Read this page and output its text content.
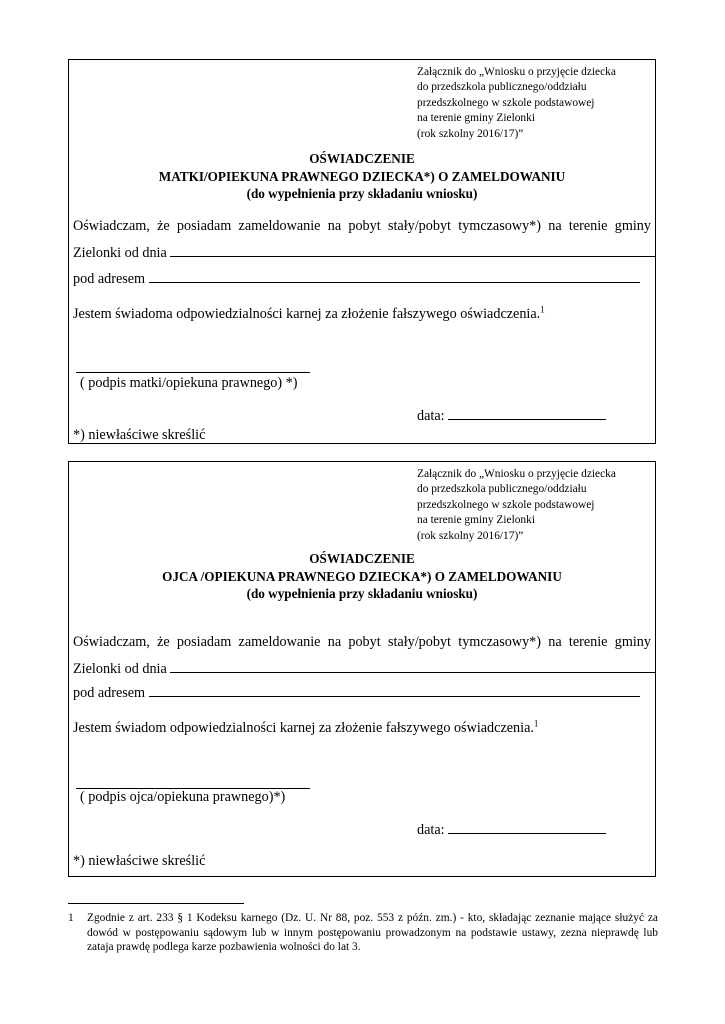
Załącznik do „Wniosku o przyjęcie dziecka
do przedszkola publicznego/oddziału
przedszkolnego w szkole podstawowej
na terenie gminy Zielonki
(rok szkolny 2016/17)”
OŚWIADCZENIE
MATKI/OPIEKUNA PRAWNEGO DZIECKA*) O ZAMELDOWANIU
(do wypełnienia przy składaniu wniosku)
Oświadczam, że posiadam zameldowanie na pobyt stały/pobyt tymczasowy*) na terenie gminy
Zielonki od dnia
pod adresem
Jestem świadoma odpowiedzialności karnej za złożenie fałszywego oświadczenia.$^1$
( podpis matki/opiekuna prawnego) *)
data:
*) niewłaściwe skreślić
Załącznik do „Wniosku o przyjęcie dziecka
do przedszkola publicznego/oddziału
przedszkolnego w szkole podstawowej
na terenie gminy Zielonki
(rok szkolny 2016/17)”
OŚWIADCZENIE
OJCA /OPIEKUNA PRAWNEGO DZIECKA*) O ZAMELDOWANIU
(do wypełnienia przy składaniu wniosku)
Oświadczam, że posiadam zameldowanie na pobyt stały/pobyt tymczasowy*) na terenie gminy
Zielonki od dnia
pod adresem
Jestem świadom odpowiedzialności karnej za złożenie fałszywego oświadczenia.$^1$
( podpis ojca/opiekuna prawnego)*)
data:
*) niewłaściwe skreślić
1 Zgodnie z art. 233 § 1 Kodeksu karnego (Dz. U. Nr 88, poz. 553 z późn. zm.) - kto, składając zeznanie mające służyć za dowód w postępowaniu sądowym lub w innym postępowaniu prowadzonym na podstawie ustawy, zezna nieprawdę lub zataja prawdę podlega karze pozbawienia wolności do lat 3.
